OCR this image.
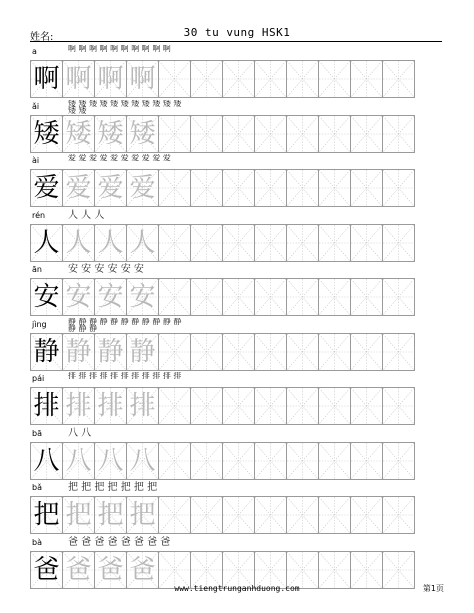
姓名:	30 tu vung HSK1
a	啊 啊 啊 啊 啊 啊 啊 啊 啊 啊
啊 啊 啊 啊
ǎi	矮 矮 矮 矮 矮 矮 矮 矮 矮 矮 矮 矮 矮
矮 矮 矮 矮
ài	爱 爱 爱 爱 爱 爱 爱 爱 爱 爱
爱 爱 爱 爱
rén 人 人 人
人 人 人 人
ān	安 安 安 安 安 安
安 安 安 安
jìng	静 静 静 静 静 静 静 静 静 静 静 静 静 静
静 静 静 静
pái	排 排 排 排 排 排 排 排 排 排 排
排 排 排 排
bā	八 八
八 八 八 八
bǎ	把 把 把 把 把 把 把
把 把 把 把
bà	爸 爸 爸 爸 爸 爸 爸 爸
爸 爸 爸 爸
www.tiengtrunganhduong.com	第1页
